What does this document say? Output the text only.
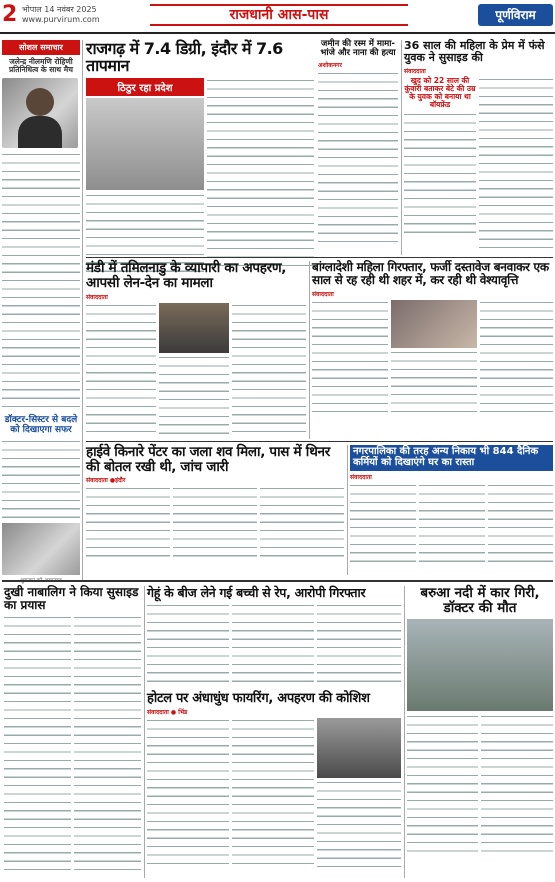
2 भोपाल 14 नवंबर 2025
www.purvirum.com	राजधानी आस-पास	पूर्णविराम
सोशल समाचार
जलेन्द्र नीलमणि रोहिणी प्रतिनिधित्व के साथ मैच
डॉक्टर-सिस्टर से बदले को दिखाएगा सफर
राजगढ़ में 7.4 डिग्री, इंदौर में 7.6 तापमान
ठिठुर रहा प्रदेश
जमीन की रस्म में मामा-भांजे और नाना की हत्या
अशोकनगर
36 साल की महिला के प्रेम में फंसे युवक ने सुसाइड की
संवाददाता
खुद को 22 साल की कुंवारी बताकर बेटे की उम्र के युवक को बनाया था बॉयफ्रेंड
मंडी में तमिलनाडु के व्यापारी का अपहरण, आपसी लेन-देन का मामला
संवाददाता
बांग्लादेशी महिला गिरफ्तार, फर्जी दस्तावेज बनवाकर एक साल से रह रही थी शहर में, कर रही थी वेश्यावृत्ति
संवाददाता
हाईवे किनारे पेंटर का जला शव मिला, पास में थिनर की बोतल रखी थी, जांच जारी
संवाददाता ●इंदौर
नगरपालिका की तरह अन्य निकाय भी 844 दैनिक कर्मियों को दिखाएंगे घर का रास्ता
संवाददाता
दुखी नाबालिग ने किया सुसाइड का प्रयास
गेहूं के बीज लेने गई बच्ची से रेप, आरोपी गिरफ्तार
होटल पर अंधाधुंध फायरिंग, अपहरण की कोशिश
संवाददाता ● भिंड
बरुआ नदी में कार गिरी, डॉक्टर की मौत
